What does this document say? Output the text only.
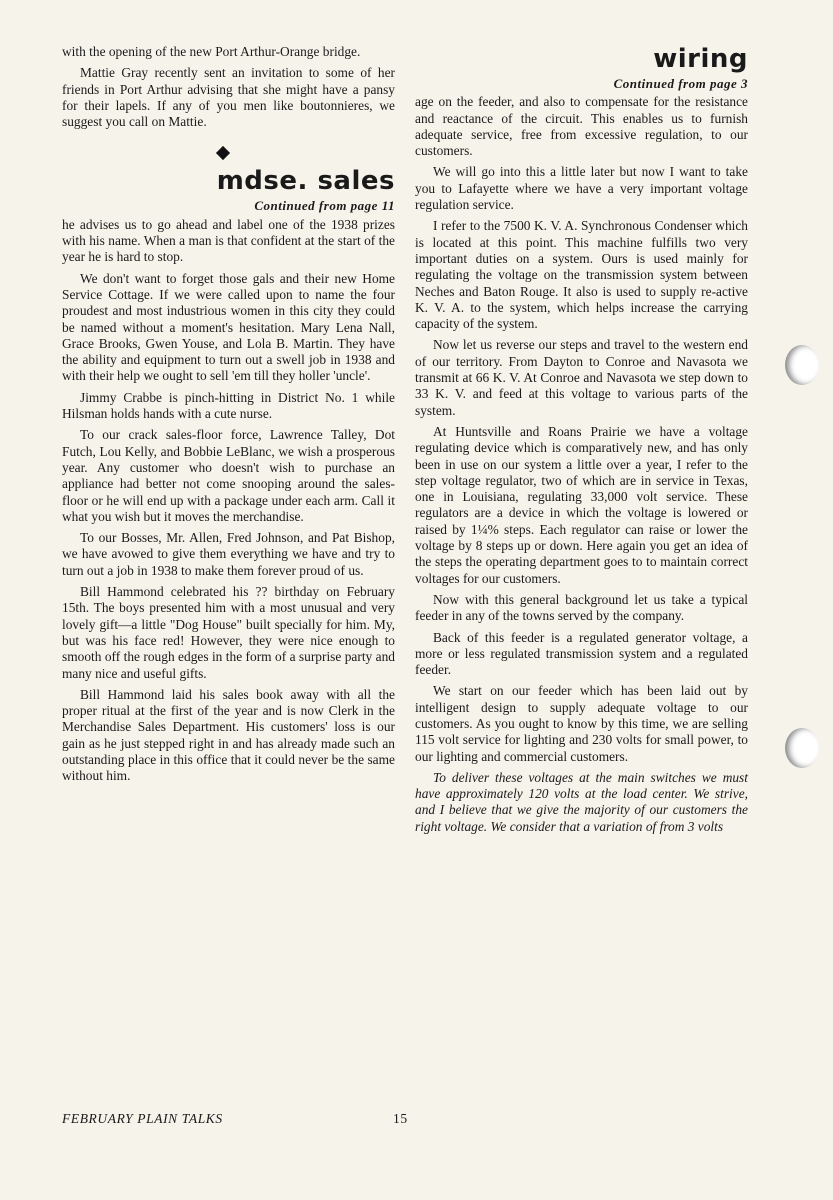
with the opening of the new Port Arthur-Orange bridge.

Mattie Gray recently sent an invitation to some of her friends in Port Arthur advising that she might have a pansy for their lapels. If any of you men like boutonnieres, we suggest you call on Mattie.

mdse. sales
Continued from page 11

he advises us to go ahead and label one of the 1938 prizes with his name. When a man is that confident at the start of the year he is hard to stop.

We don't want to forget those gals and their new Home Service Cottage. If we were called upon to name the four proudest and most industrious women in this city they could be named without a moment's hesitation. Mary Lena Nall, Grace Brooks, Gwen Youse, and Lola B. Martin. They have the ability and equipment to turn out a swell job in 1938 and with their help we ought to sell 'em till they holler 'uncle'.

Jimmy Crabbe is pinch-hitting in District No. 1 while Hilsman holds hands with a cute nurse.

To our crack sales-floor force, Lawrence Talley, Dot Futch, Lou Kelly, and Bobbie LeBlanc, we wish a prosperous year. Any customer who doesn't wish to purchase an appliance had better not come snooping around the sales-floor or he will end up with a package under each arm. Call it what you wish but it moves the merchandise.

To our Bosses, Mr. Allen, Fred Johnson, and Pat Bishop, we have avowed to give them everything we have and try to turn out a job in 1938 to make them forever proud of us.

Bill Hammond celebrated his ?? birthday on February 15th. The boys presented him with a most unusual and very lovely gift—a little "Dog House" built specially for him. My, but was his face red! However, they were nice enough to smooth off the rough edges in the form of a surprise party and many nice and useful gifts.

Bill Hammond laid his sales book away with all the proper ritual at the first of the year and is now Clerk in the Merchandise Sales Department. His customers' loss is our gain as he just stepped right in and has already made such an outstanding place in this office that it could never be the same without him.

wiring
Continued from page 3

age on the feeder, and also to compensate for the resistance and reactance of the circuit. This enables us to furnish adequate service, free from excessive regulation, to our customers.

We will go into this a little later but now I want to take you to Lafayette where we have a very important voltage regulation service.

I refer to the 7500 K. V. A. Synchronous Condenser which is located at this point. This machine fulfills two very important duties on a system. Ours is used mainly for regulating the voltage on the transmission system between Neches and Baton Rouge. It also is used to supply re-active K. V. A. to the system, which helps increase the carrying capacity of the system.

Now let us reverse our steps and travel to the western end of our territory. From Dayton to Conroe and Navasota we transmit at 66 K. V. At Conroe and Navasota we step down to 33 K. V. and feed at this voltage to various parts of the system.

At Huntsville and Roans Prairie we have a voltage regulating device which is comparatively new, and has only been in use on our system a little over a year, I refer to the step voltage regulator, two of which are in service in Texas, one in Louisiana, regulating 33,000 volt service. These regulators are a device in which the voltage is lowered or raised by 1¼% steps. Each regulator can raise or lower the voltage by 8 steps up or down. Here again you get an idea of the steps the operating department goes to to maintain correct voltages for our customers.

Now with this general background let us take a typical feeder in any of the towns served by the company.

Back of this feeder is a regulated generator voltage, a more or less regulated transmission system and a regulated feeder.

We start on our feeder which has been laid out by intelligent design to supply adequate voltage to our customers. As you ought to know by this time, we are selling 115 volt service for lighting and 230 volts for small power, to our lighting and commercial customers.

To deliver these voltages at the main switches we must have approximately 120 volts at the load center. We strive, and I believe that we give the majority of our customers the right voltage. We consider that a variation of from 3 volts

FEBRUARY PLAIN TALKS	15
